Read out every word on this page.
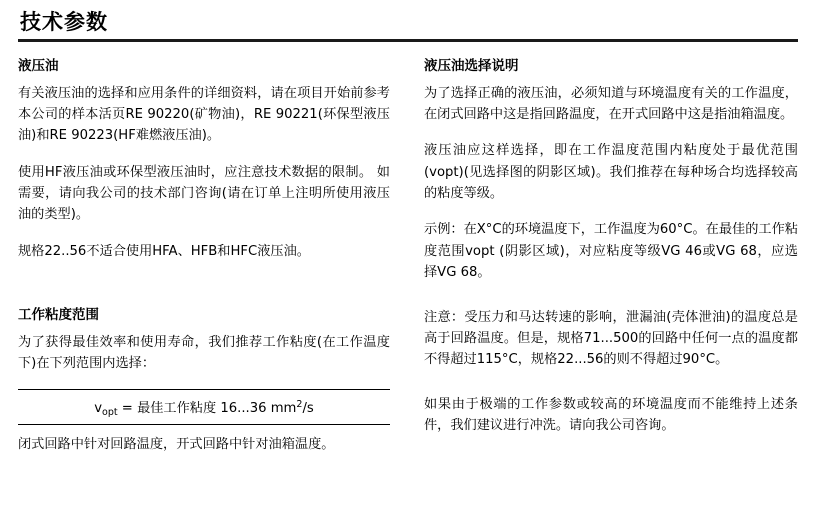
技术参数
液压油

有关液压油的选择和应用条件的详细资料，请在项目开始前参考本公司的样本活页RE 90220(矿物油)，RE 90221(环保型液压油)和RE 90223(HF难燃液压油)。

使用HF液压油或环保型液压油时，应注意技术数据的限制。 如需要，请向我公司的技术部门咨询(请在订单上注明所使用液压油的类型)。

规格22..56不适合使用HFA、HFB和HFC液压油。

工作粘度范围

为了获得最佳效率和使用寿命，我们推荐工作粘度(在工作温度下)在下列范围内选择：

$v_{opt}$ = 最佳工作粘度 16...36 $mm^2/s$

闭式回路中针对回路温度，开式回路中针对油箱温度。

液压油选择说明

为了选择正确的液压油，必须知道与环境温度有关的工作温度，在闭式回路中这是指回路温度，在开式回路中这是指油箱温度。

液压油应这样选择，即在工作温度范围内粘度处于最优范围(vopt)(见选择图的阴影区域)。我们推荐在每种场合均选择较高的粘度等级。

示例：在X°C的环境温度下，工作温度为60°C。在最佳的工作粘度范围vopt (阴影区域)，对应粘度等级VG 46或VG 68，应选择VG 68。

注意：受压力和马达转速的影响，泄漏油(壳体泄油)的温度总是高于回路温度。但是，规格71...500的回路中任何一点的温度都不得超过115°C，规格22...56的则不得超过90°C。

如果由于极端的工作参数或较高的环境温度而不能维持上述条件，我们建议进行冲洗。请向我公司咨询。
